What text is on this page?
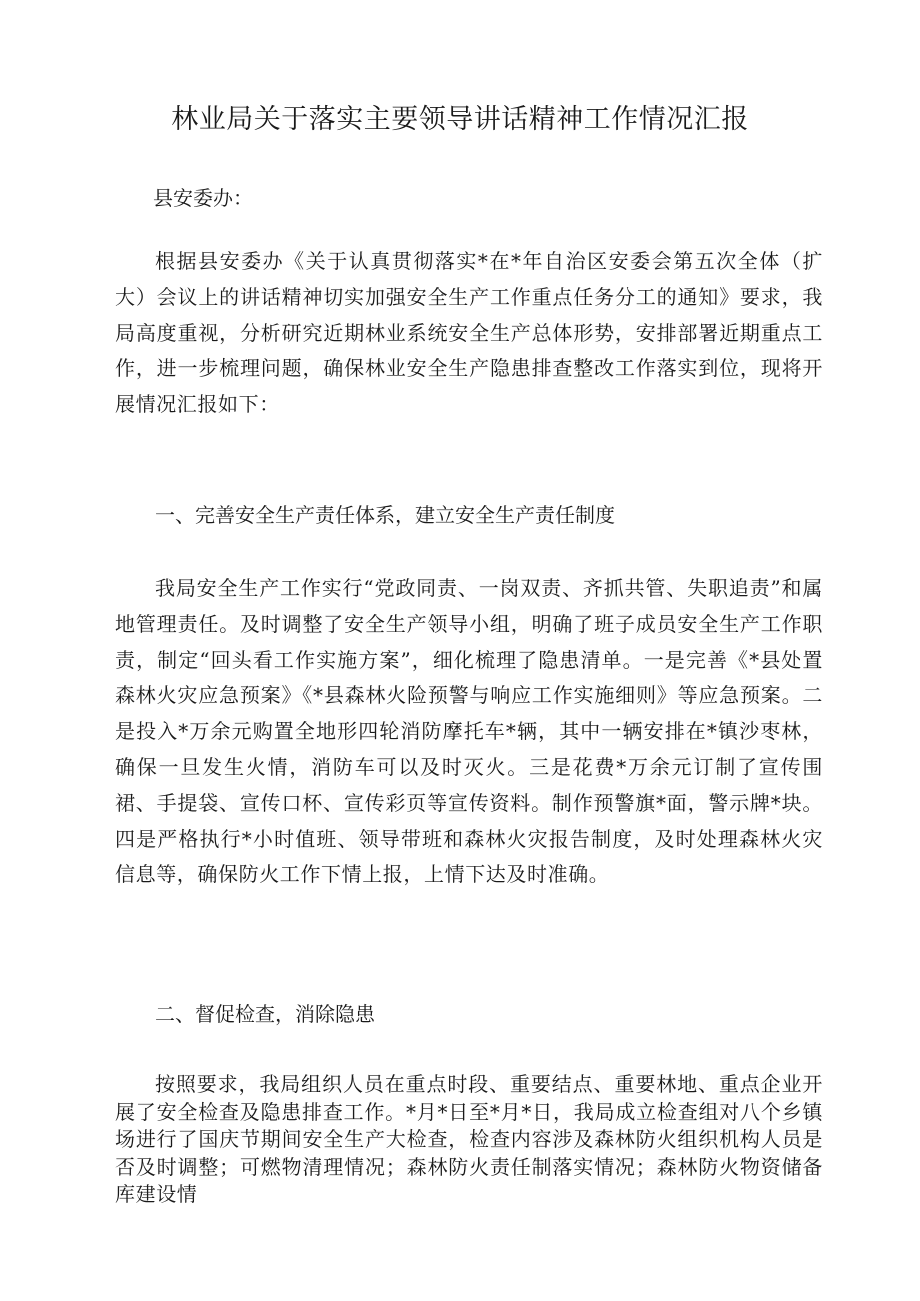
林业局关于落实主要领导讲话精神工作情况汇报

县安委办：

根据县安委办《关于认真贯彻落实*在*年自治区安委会第五次全体（扩大）会议上的讲话精神切实加强安全生产工作重点任务分工的通知》要求，我局高度重视，分析研究近期林业系统安全生产总体形势，安排部署近期重点工作，进一步梳理问题，确保林业安全生产隐患排查整改工作落实到位，现将开展情况汇报如下：

一、完善安全生产责任体系，建立安全生产责任制度

我局安全生产工作实行“党政同责、一岗双责、齐抓共管、失职追责”和属地管理责任。及时调整了安全生产领导小组，明确了班子成员安全生产工作职责，制定“回头看工作实施方案”，细化梳理了隐患清单。一是完善《*县处置森林火灾应急预案》《*县森林火险预警与响应工作实施细则》等应急预案。二是投入*万余元购置全地形四轮消防摩托车*辆，其中一辆安排在*镇沙枣林，确保一旦发生火情，消防车可以及时灭火。三是花费*万余元订制了宣传围裙、手提袋、宣传口杯、宣传彩页等宣传资料。制作预警旗*面，警示牌*块。四是严格执行*小时值班、领导带班和森林火灾报告制度，及时处理森林火灾信息等，确保防火工作下情上报，上情下达及时准确。

二、督促检查，消除隐患

按照要求，我局组织人员在重点时段、重要结点、重要林地、重点企业开展了安全检查及隐患排查工作。*月*日至*月*日，我局成立检查组对八个乡镇场进行了国庆节期间安全生产大检查，检查内容涉及森林防火组织机构人员是否及时调整；可燃物清理情况；森林防火责任制落实情况；森林防火物资储备库建设情
